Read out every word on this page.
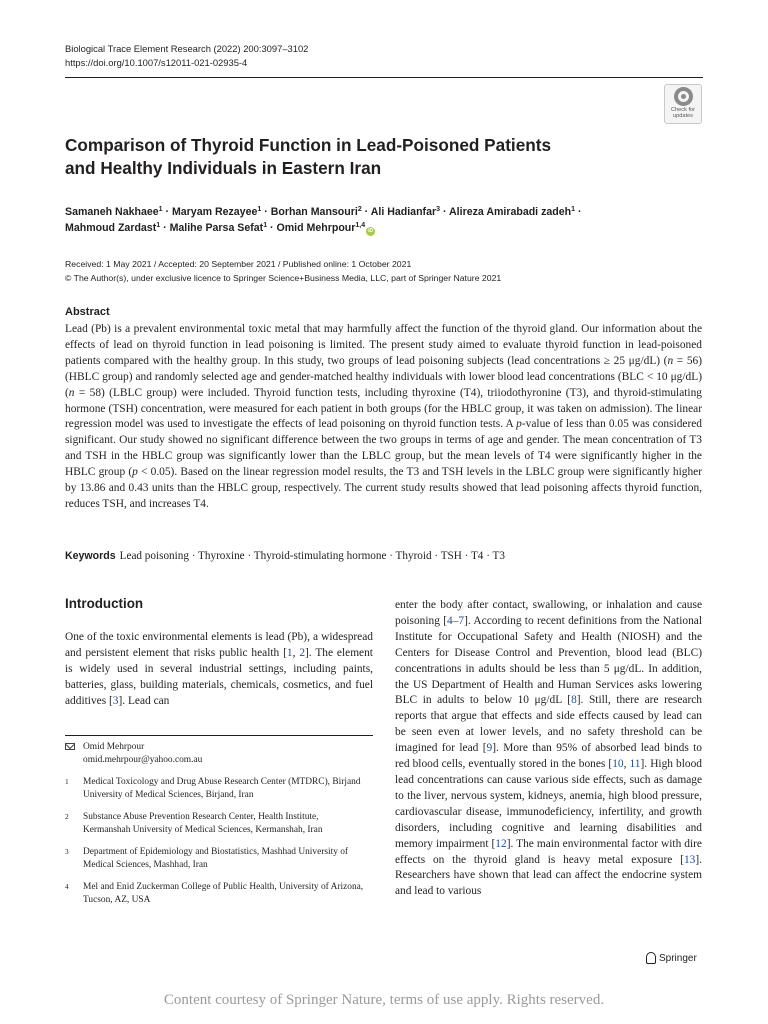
Biological Trace Element Research (2022) 200:3097–3102
https://doi.org/10.1007/s12011-021-02935-4
Check for
updates
Comparison of Thyroid Function in Lead-Poisoned Patients
and Healthy Individuals in Eastern Iran
Samaneh Nakhaee$^1$ · Maryam Rezayee$^1$ · Borhan Mansouri$^2$ · Ali Hadianfar$^3$ · Alireza Amirabadi zadeh$^1$ ·
Mahmoud Zardast$^1$ · Malihe Parsa Sefat$^1$ · Omid Mehrpour$^{1,4}$iD
Received: 1 May 2021 / Accepted: 20 September 2021 / Published online: 1 October 2021
© The Author(s), under exclusive licence to Springer Science+Business Media, LLC, part of Springer Nature 2021
Abstract

Lead (Pb) is a prevalent environmental toxic metal that may harmfully affect the function of the thyroid gland. Our information about the effects of lead on thyroid function in lead poisoning is limited. The present study aimed to evaluate thyroid function in lead-poisoned patients compared with the healthy group. In this study, two groups of lead poisoning subjects (lead concentrations ≥ 25 μg/dL) (n = 56) (HBLC group) and randomly selected age and gender-matched healthy individuals with lower blood lead concentrations (BLC < 10 μg/dL) (n = 58) (LBLC group) were included. Thyroid function tests, including thyroxine (T4), triiodothyronine (T3), and thyroid-stimulating hormone (TSH) concentration, were measured for each patient in both groups (for the HBLC group, it was taken on admission). The linear regression model was used to investigate the effects of lead poisoning on thyroid function tests. A p-value of less than 0.05 was considered significant. Our study showed no significant difference between the two groups in terms of age and gender. The mean concentration of T3 and TSH in the HBLC group was significantly lower than the LBLC group, but the mean levels of T4 were significantly higher in the HBLC group (p < 0.05). Based on the linear regression model results, the T3 and TSH levels in the LBLC group were significantly higher by 13.86 and 0.43 units than the HBLC group, respectively. The current study results showed that lead poisoning affects thyroid function, reduces TSH, and increases T4.

Keywords Lead poisoning · Thyroxine · Thyroid-stimulating hormone · Thyroid · TSH · T4 · T3
Introduction

One of the toxic environmental elements is lead (Pb), a widespread and persistent element that risks public health [1, 2]. The element is widely used in several industrial settings, including paints, batteries, glass, building materials, chemicals, cosmetics, and fuel additives [3]. Lead can

enter the body after contact, swallowing, or inhalation and cause poisoning [4–7]. According to recent definitions from the National Institute for Occupational Safety and Health (NIOSH) and the Centers for Disease Control and Prevention, blood lead (BLC) concentrations in adults should be less than 5 μg/dL. In addition, the US Department of Health and Human Services asks lowering BLC in adults to below 10 μg/dL [8]. Still, there are research reports that argue that effects and side effects caused by lead can be seen even at lower levels, and no safety threshold can be imagined for lead [9]. More than 95% of absorbed lead binds to red blood cells, eventually stored in the bones [10, 11]. High blood lead concentrations can cause various side effects, such as damage to the liver, nervous system, kidneys, anemia, high blood pressure, cardiovascular disease, immunodeficiency, infertility, and growth disorders, including cognitive and learning disabilities and memory impairment [12]. The main environmental factor with dire effects on the thyroid gland is heavy metal exposure [13]. Researchers have shown that lead can affect the endocrine system and lead to various

Omid Mehrpour
omid.mehrpour@yahoo.com.au
1	Medical Toxicology and Drug Abuse Research Center (MTDRC), Birjand University of Medical Sciences, Birjand, Iran
2	Substance Abuse Prevention Research Center, Health Institute, Kermanshah University of Medical Sciences, Kermanshah, Iran
3	Department of Epidemiology and Biostatistics, Mashhad University of Medical Sciences, Mashhad, Iran
4	Mel and Enid Zuckerman College of Public Health, University of Arizona, Tucson, AZ, USA
Springer
Content courtesy of Springer Nature, terms of use apply. Rights reserved.
